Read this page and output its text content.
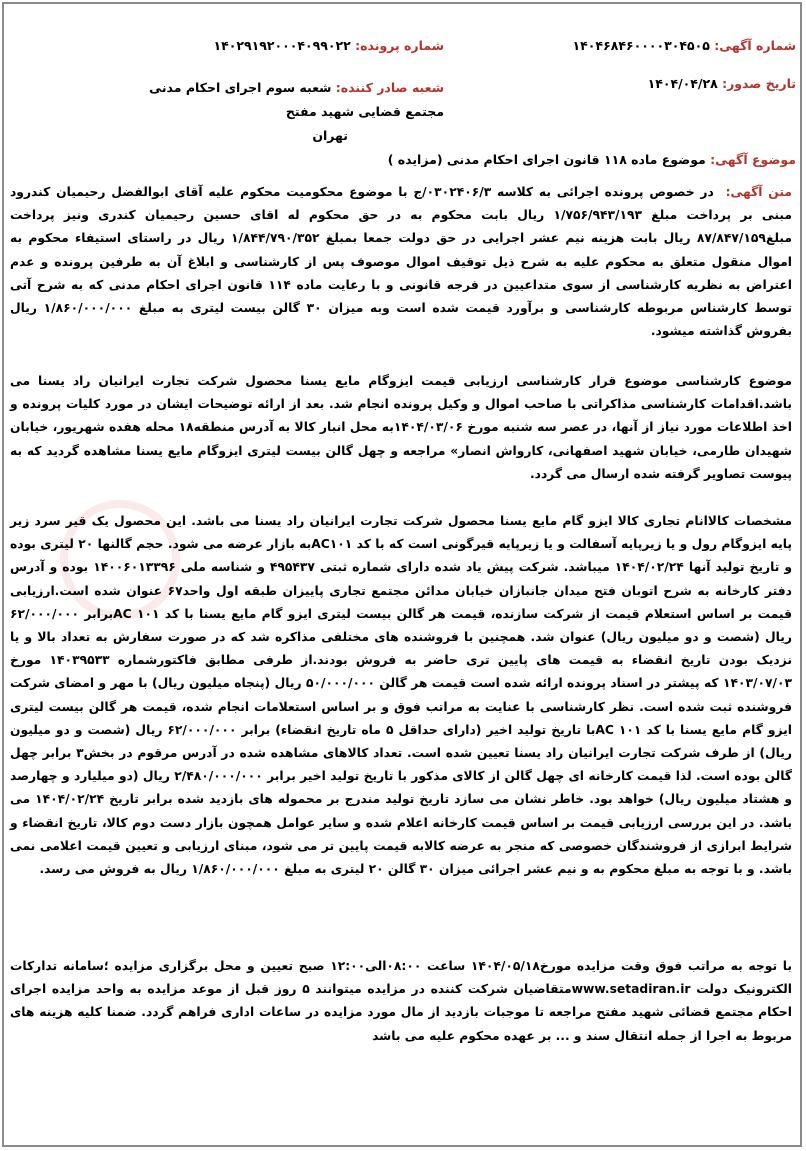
شماره آگهی: ۱۴۰۴۶۸۴۶۰۰۰۰۳۰۴۵۰۵
شماره پرونده: ۱۴۰۲۹۱۹۲۰۰۰۴۰۹۹۰۲۲
تاریخ صدور: ۱۴۰۴/۰۴/۲۸
شعبه صادر کننده: شعبه سوم اجرای احکام مدنی مجتمع قضایی شهید مفتح
تهران
موضوع آگهی: موضوع ماده ۱۱۸ قانون اجرای احکام مدنی (مزایده )

متن آگهی: در خصوص پرونده اجرائی به کلاسه ۰۳۰۲۴۰۶/۳/ج با موضوع محکومیت محکوم علیه آقای ابوالفضل رحیمیان کندرود مبنی بر پرداخت مبلغ ۱/۷۵۶/۹۴۳/۱۹۳ ریال بابت محکوم به در حق محکوم له اقای حسین رحیمیان کندری ونیز پرداخت مبلغ۸۷/۸۴۷/۱۵۹ ریال بابت هزینه نیم عشر اجرایی در حق دولت جمعا بمبلغ ۱/۸۴۴/۷۹۰/۳۵۲ ریال در راستای استیفاء محکوم به اموال منقول متعلق به محکوم علیه به شرح ذیل توقیف اموال موصوف پس از کارشناسی و ابلاغ آن به طرفین پرونده و عدم اعتراض به نظریه کارشناسی از سوی متداعیین در فرجه قانونی و با رعایت ماده ۱۱۴ قانون اجرای احکام مدنی که به شرح آتی توسط کارشناس مربوطه کارشناسی و برآورد قیمت شده است وبه میزان ۳۰ گالن بیست لیتری به مبلغ ۱/۸۶۰/۰۰۰/۰۰۰ ریال بفروش گذاشته میشود.

موضوع کارشناسی موضوع قرار کارشناسی ارزیابی قیمت ایزوگام مایع یسنا محصول شرکت تجارت ایرانیان راد یسنا می باشد.اقدامات کارشناسی مذاکراتی با صاحب اموال و وکیل پرونده انجام شد. بعد از ارائه توضیحات ایشان در مورد کلیات پرونده و اخذ اطلاعات مورد نیاز از آنها، در عصر سه شنبه مورخ ۱۴۰۴/۰۳/۰۶به محل انبار کالا به آدرس منطقه۱۸ محله هفده شهریور، خیابان شهیدان طارمی، خیابان شهید اصفهانی، کاروا‌ش انصار» مراجعه و چهل گالن بیست لیتری ایزوگام مایع یسنا مشاهده گردید که به پیوست تصاویر گرفته شده ارسال می گردد.

مشخصات کالاانام تجاری کالا ایزو گام مایع یسنا محصول شرکت تجارت ایرانیان راد یسنا می باشد. این محصول یک قیر سرد زیر پایه ایزوگام رول و یا زیرپایه آسفالت و یا زیرپایه قیرگونی است که با کد AC۱۰۱به بازار عرضه می شود. حجم گالنها ۲۰ لیتری بوده و تاریخ تولید آنها ۱۴۰۴/۰۲/۲۴ میباشد. شرکت پیش یاد شده دارای شماره ثبتی ۴۹۵۴۳۷ و شناسه ملی ۱۴۰۰۶۰۱۳۳۹۶ بوده و آدرس دفتر کارخانه به شرح اتوبان فتح میدان جانبازان خیابان مدائن مجتمع تجاری پاییزان طبقه اول واحد۶۷ عنوان شده است.ارزیابی قیمت بر اساس استعلام قیمت از شرکت سازنده، قیمت هر گالن بیست لیتری ایزو گام مایع یسنا با کد AC ۱۰۱برابر ۶۲/۰۰۰/۰۰۰ ریال (شصت و دو میلیون ریال) عنوان شد. همچنین با فروشنده های مختلفی مذاکره شد که در صورت سفارش به تعداد بالا و یا نزدیک بودن تاریخ انقضاء به قیمت های پایین تری حاضر به فروش بودند.از طرفی مطابق فاکتورشماره ۱۴۰۳۹۵۳۳ مورخ ۱۴۰۳/۰۷/۰۳ که پیشتر در اسناد پرونده ارائه شده است قیمت هر گالن ۵۰/۰۰۰/۰۰۰ ریال (پنجاه میلیون ریال) با مهر و امضای شرکت فروشنده ثبت شده است. نظر کارشناسی با عنایت به مراتب فوق و بر اساس استعلامات انجام شده، قیمت هر گالن بیست لیتری ایزو گام مایع یسنا با کد AC ۱۰۱با تاریخ تولید اخیر (دارای حداقل ۵ ماه تاریخ انقضاء) برابر ۶۲/۰۰۰/۰۰۰ ریال (شصت و دو میلیون ریال) از طرف شرکت تجارت ایرانیان راد یسنا تعیین شده است. تعداد کالاهای مشاهده شده در آدرس مرقوم در بخش۳ برابر چهل گالن بوده است. لذا قیمت کارخانه ای چهل گالن از کالای مذکور با تاریخ تولید اخیر برابر ۲/۴۸۰/۰۰۰/۰۰۰ ریال (دو میلیارد و چهارصد و هشتاد میلیون ریال) خواهد بود. خاطر نشان می سازد تاریخ تولید مندرج بر محموله های بازدید شده برابر تاریخ ۱۴۰۴/۰۲/۲۴ می باشد. در این بررسی ارزیابی قیمت بر اساس قیمت کارخانه اعلام شده و سایر عوامل همچون بازار دست دوم کالا، تاریخ انقضاء و شرایط ابرازی از فروشندگان خصوصی که منجر به عرضه کالابه قیمت پایین تر می شود، مبنای ارزیابی و تعیین قیمت اعلامی نمی باشد. و با توجه به مبلغ محکوم به و نیم عشر اجرائی میزان ۳۰ گالن ۲۰ لیتری به مبلغ ۱/۸۶۰/۰۰۰/۰۰۰ ریال به فروش می رسد.

با توجه به مراتب فوق وقت مزایده مورخ۱۴۰۴/۰۵/۱۸ ساعت ۰۸:۰۰الی۱۲:۰۰ صبح تعیین و محل برگزاری مزایده ؛سامانه تدارکات الکترونیک دولت www.setadiran.irمتقاضیان شرکت کننده در مزایده میتوانند ۵ روز قبل از موعد مزایده به واحد مزایده اجرای احکام مجتمع قضائی شهید مفتح مراجعه تا موجبات بازدید از مال مورد مزایده در ساعات اداری فراهم گردد. ضمنا کلیه هزینه های مربوط به اجرا از جمله انتقال سند و ... بر عهده محکوم علیه می باشد
